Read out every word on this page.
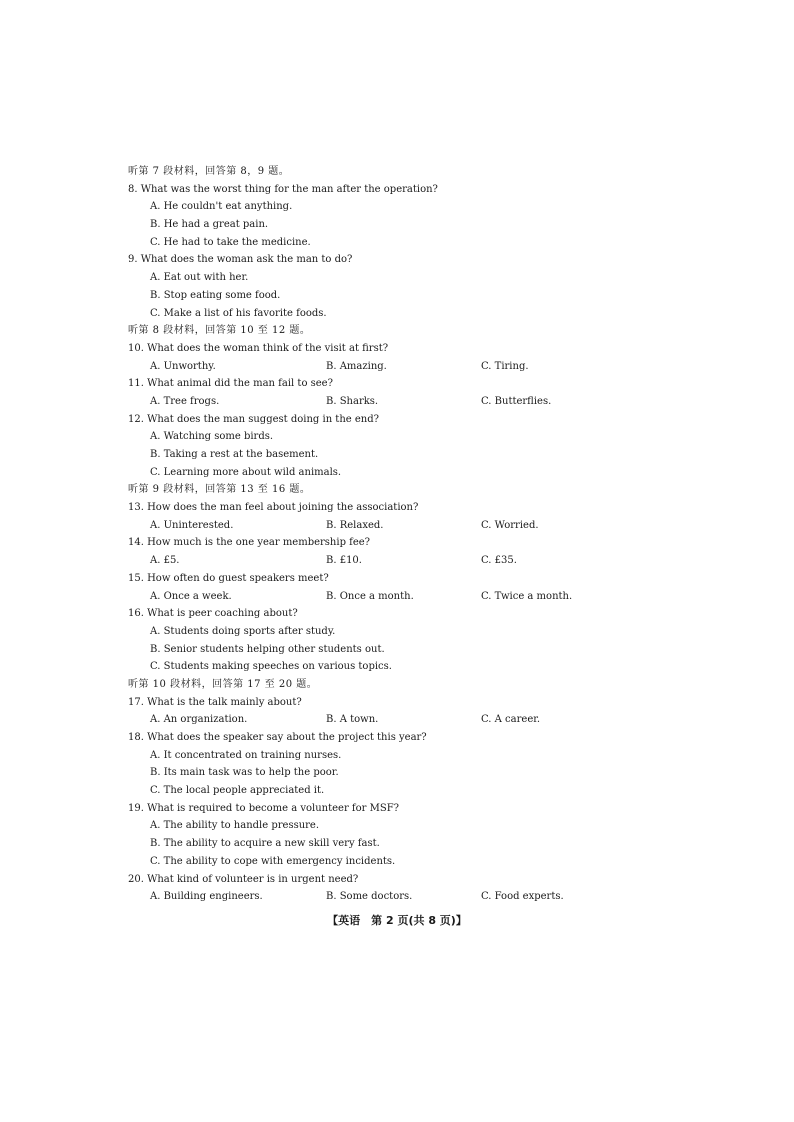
听第 7 段材料，回答第 8，9 题。
8. What was the worst thing for the man after the operation?
A. He couldn't eat anything.
B. He had a great pain.
C. He had to take the medicine.
9. What does the woman ask the man to do?
A. Eat out with her.
B. Stop eating some food.
C. Make a list of his favorite foods.
听第 8 段材料，回答第 10 至 12 题。
10. What does the woman think of the visit at first?
A. Unworthy.	B. Amazing.	C. Tiring.
11. What animal did the man fail to see?
A. Tree frogs.	B. Sharks.	C. Butterflies.
12. What does the man suggest doing in the end?
A. Watching some birds.
B. Taking a rest at the basement.
C. Learning more about wild animals.
听第 9 段材料，回答第 13 至 16 题。
13. How does the man feel about joining the association?
A. Uninterested.	B. Relaxed.	C. Worried.
14. How much is the one year membership fee?
A. £5.	B. £10.	C. £35.
15. How often do guest speakers meet?
A. Once a week.	B. Once a month.	C. Twice a month.
16. What is peer coaching about?
A. Students doing sports after study.
B. Senior students helping other students out.
C. Students making speeches on various topics.
听第 10 段材料，回答第 17 至 20 题。
17. What is the talk mainly about?
A. An organization.	B. A town.	C. A career.
18. What does the speaker say about the project this year?
A. It concentrated on training nurses.
B. Its main task was to help the poor.
C. The local people appreciated it.
19. What is required to become a volunteer for MSF?
A. The ability to handle pressure.
B. The ability to acquire a new skill very fast.
C. The ability to cope with emergency incidents.
20. What kind of volunteer is in urgent need?
A. Building engineers.	B. Some doctors.	C. Food experts.
【英语　第 2 页(共 8 页)】
